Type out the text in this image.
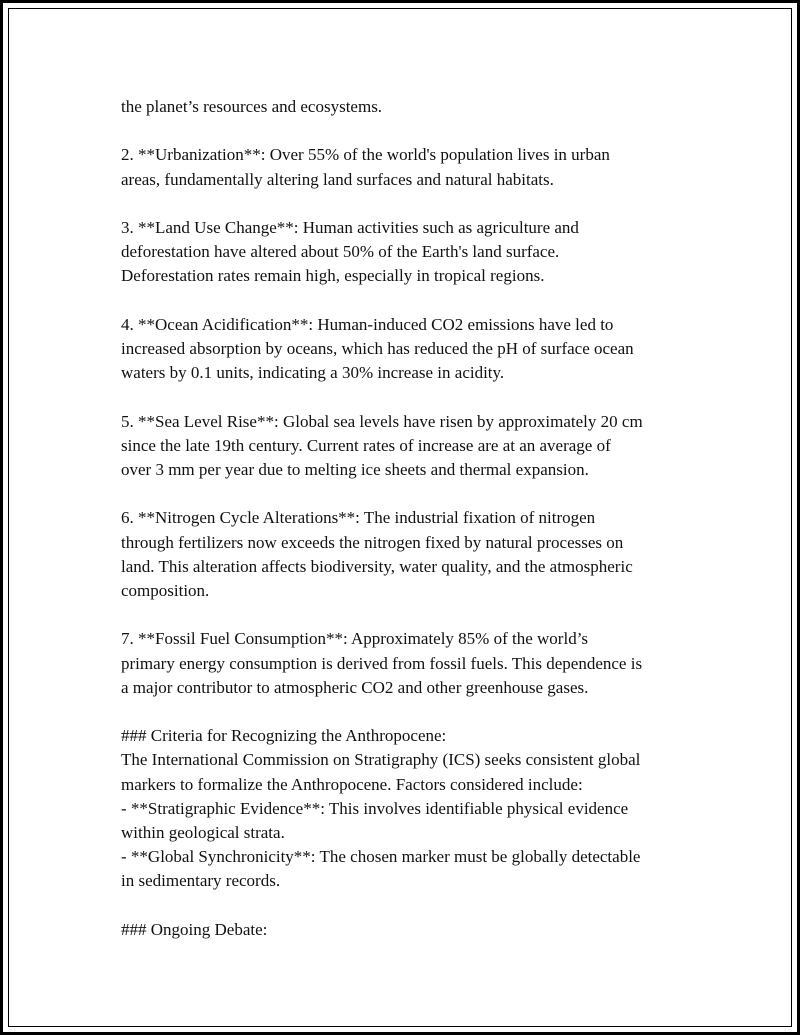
the planet’s resources and ecosystems.

2. **Urbanization**: Over 55% of the world's population lives in urban
areas, fundamentally altering land surfaces and natural habitats.

3. **Land Use Change**: Human activities such as agriculture and
deforestation have altered about 50% of the Earth's land surface.
Deforestation rates remain high, especially in tropical regions.

4. **Ocean Acidification**: Human-induced CO2 emissions have led to
increased absorption by oceans, which has reduced the pH of surface ocean
waters by 0.1 units, indicating a 30% increase in acidity.

5. **Sea Level Rise**: Global sea levels have risen by approximately 20 cm
since the late 19th century. Current rates of increase are at an average of
over 3 mm per year due to melting ice sheets and thermal expansion.

6. **Nitrogen Cycle Alterations**: The industrial fixation of nitrogen
through fertilizers now exceeds the nitrogen fixed by natural processes on
land. This alteration affects biodiversity, water quality, and the atmospheric
composition.

7. **Fossil Fuel Consumption**: Approximately 85% of the world’s
primary energy consumption is derived from fossil fuels. This dependence is
a major contributor to atmospheric CO2 and other greenhouse gases.

### Criteria for Recognizing the Anthropocene:
The International Commission on Stratigraphy (ICS) seeks consistent global
markers to formalize the Anthropocene. Factors considered include:
- **Stratigraphic Evidence**: This involves identifiable physical evidence
within geological strata.
- **Global Synchronicity**: The chosen marker must be globally detectable
in sedimentary records.

### Ongoing Debate:
